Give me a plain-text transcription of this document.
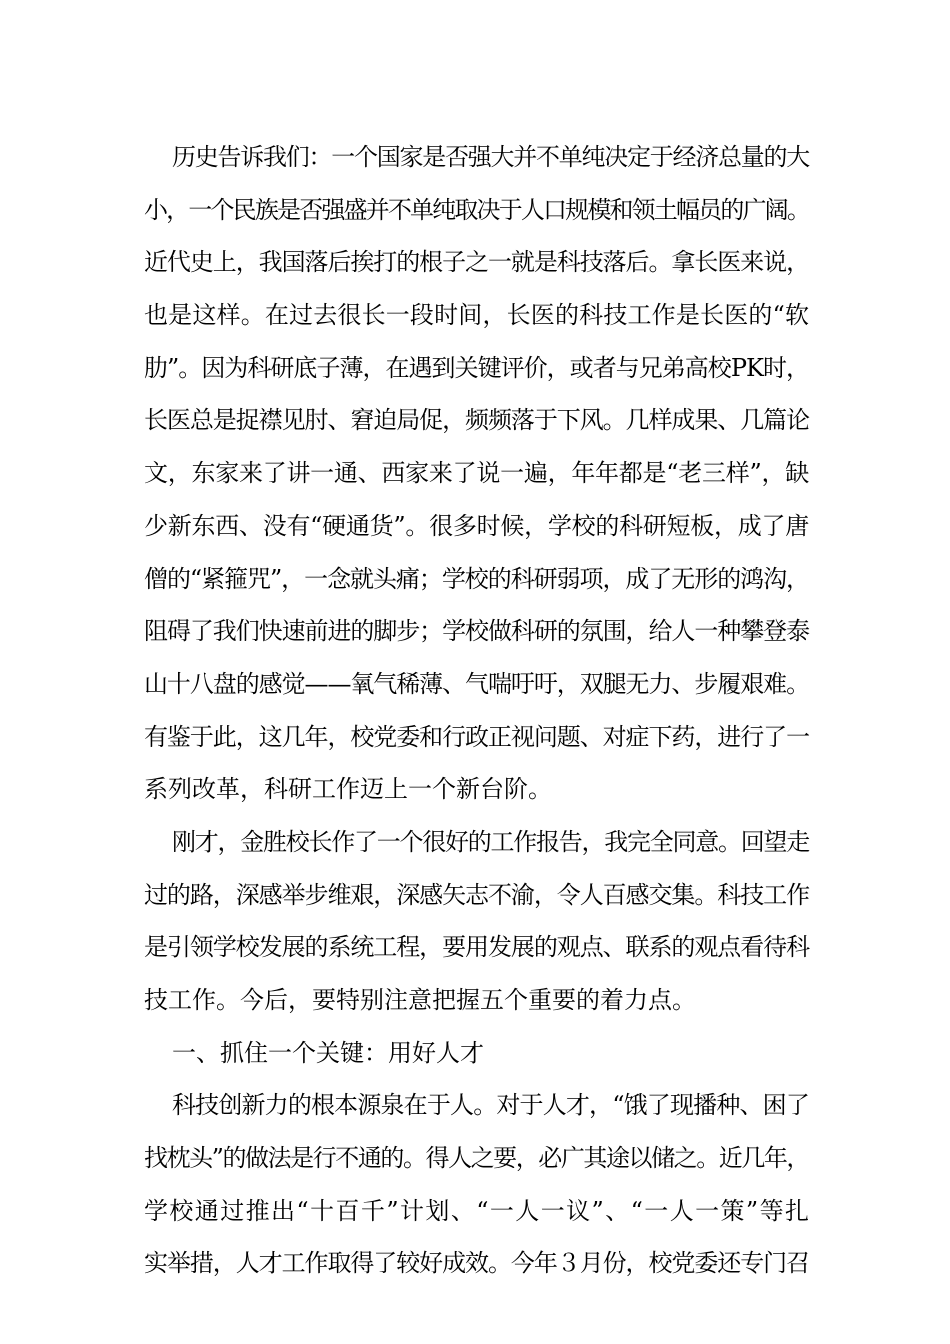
历史告诉我们：一个国家是否强大并不单纯决定于经济总量的大
小，一个民族是否强盛并不单纯取决于人口规模和领土幅员的广阔。
近代史上，我国落后挨打的根子之一就是科技落后。拿长医来说，
也是这样。在过去很长一段时间，长医的科技工作是长医的“软
肋”。因为科研底子薄，在遇到关键评价，或者与兄弟高校PK时，
长医总是捉襟见肘、窘迫局促，频频落于下风。几样成果、几篇论
文，东家来了讲一通、西家来了说一遍，年年都是“老三样”，缺
少新东西、没有“硬通货”。很多时候，学校的科研短板，成了唐
僧的“紧箍咒”，一念就头痛；学校的科研弱项，成了无形的鸿沟，
阻碍了我们快速前进的脚步；学校做科研的氛围，给人一种攀登泰
山十八盘的感觉——氧气稀薄、气喘吁吁，双腿无力、步履艰难。
有鉴于此，这几年，校党委和行政正视问题、对症下药，进行了一
系列改革，科研工作迈上一个新台阶。
刚才，金胜校长作了一个很好的工作报告，我完全同意。回望走
过的路，深感举步维艰，深感矢志不渝，令人百感交集。科技工作
是引领学校发展的系统工程，要用发展的观点、联系的观点看待科
技工作。今后，要特别注意把握五个重要的着力点。
一、抓住一个关键：用好人才
科技创新力的根本源泉在于人。对于人才，“饿了现播种、困了
找枕头”的做法是行不通的。得人之要，必广其途以储之。近几年，
学校通过推出“十百千”计划、“一人一议”、“一人一策”等扎
实举措，人才工作取得了较好成效。今年３月份，校党委还专门召
